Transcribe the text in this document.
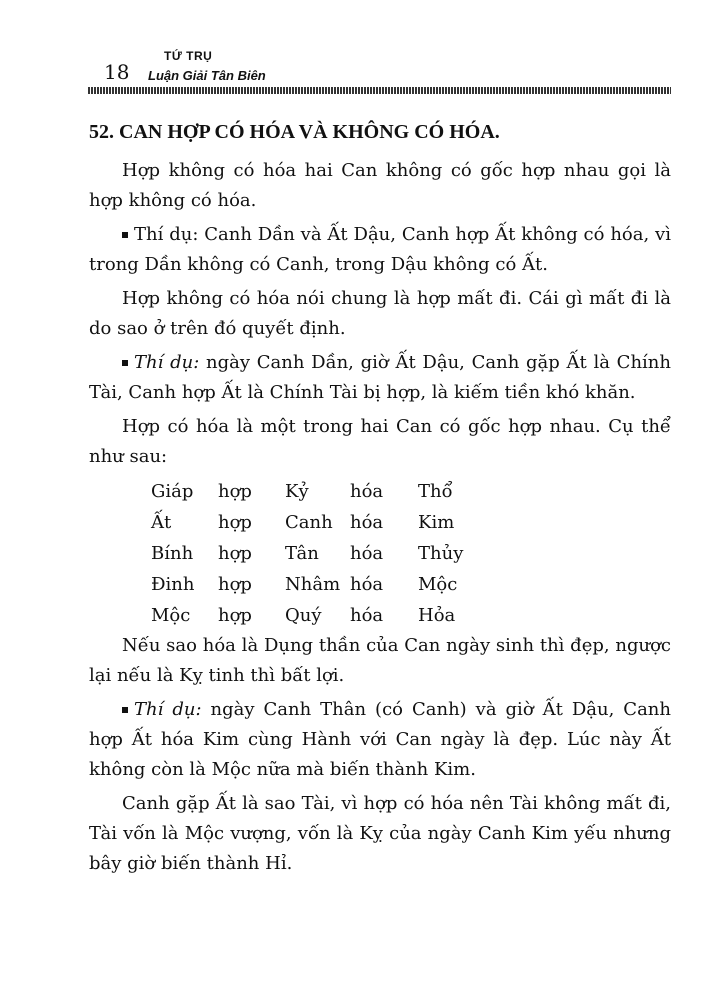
18
TỨ TRỤ
Luận Giải Tân Biên
52. CAN HỢP CÓ HÓA VÀ KHÔNG CÓ HÓA.

Hợp không có hóa hai Can không có gốc hợp nhau gọi là hợp không có hóa.

Thí dụ: Canh Dần và Ất Dậu, Canh hợp Ất không có hóa, vì trong Dần không có Canh, trong Dậu không có Ất.

Hợp không có hóa nói chung là hợp mất đi. Cái gì mất đi là do sao ở trên đó quyết định.

Thí dụ: ngày Canh Dần, giờ Ất Dậu, Canh gặp Ất là Chính Tài, Canh hợp Ất là Chính Tài bị hợp, là kiếm tiền khó khăn.

Hợp có hóa là một trong hai Can có gốc hợp nhau. Cụ thể như sau:

Giáp	hợp	Kỷ	hóa	Thổ
Ất	hợp	Canh	hóa	Kim
Bính	hợp	Tân	hóa	Thủy
Đinh	hợp	Nhâm	hóa	Mộc
Mộc	hợp	Quý	hóa	Hỏa

Nếu sao hóa là Dụng thần của Can ngày sinh thì đẹp, ngược lại nếu là Kỵ tinh thì bất lợi.

Thí dụ: ngày Canh Thân (có Canh) và giờ Ất Dậu, Canh hợp Ất hóa Kim cùng Hành với Can ngày là đẹp. Lúc này Ất không còn là Mộc nữa mà biến thành Kim.

Canh gặp Ất là sao Tài, vì hợp có hóa nên Tài không mất đi, Tài vốn là Mộc vượng, vốn là Kỵ của ngày Canh Kim yếu nhưng bây giờ biến thành Hỉ.
